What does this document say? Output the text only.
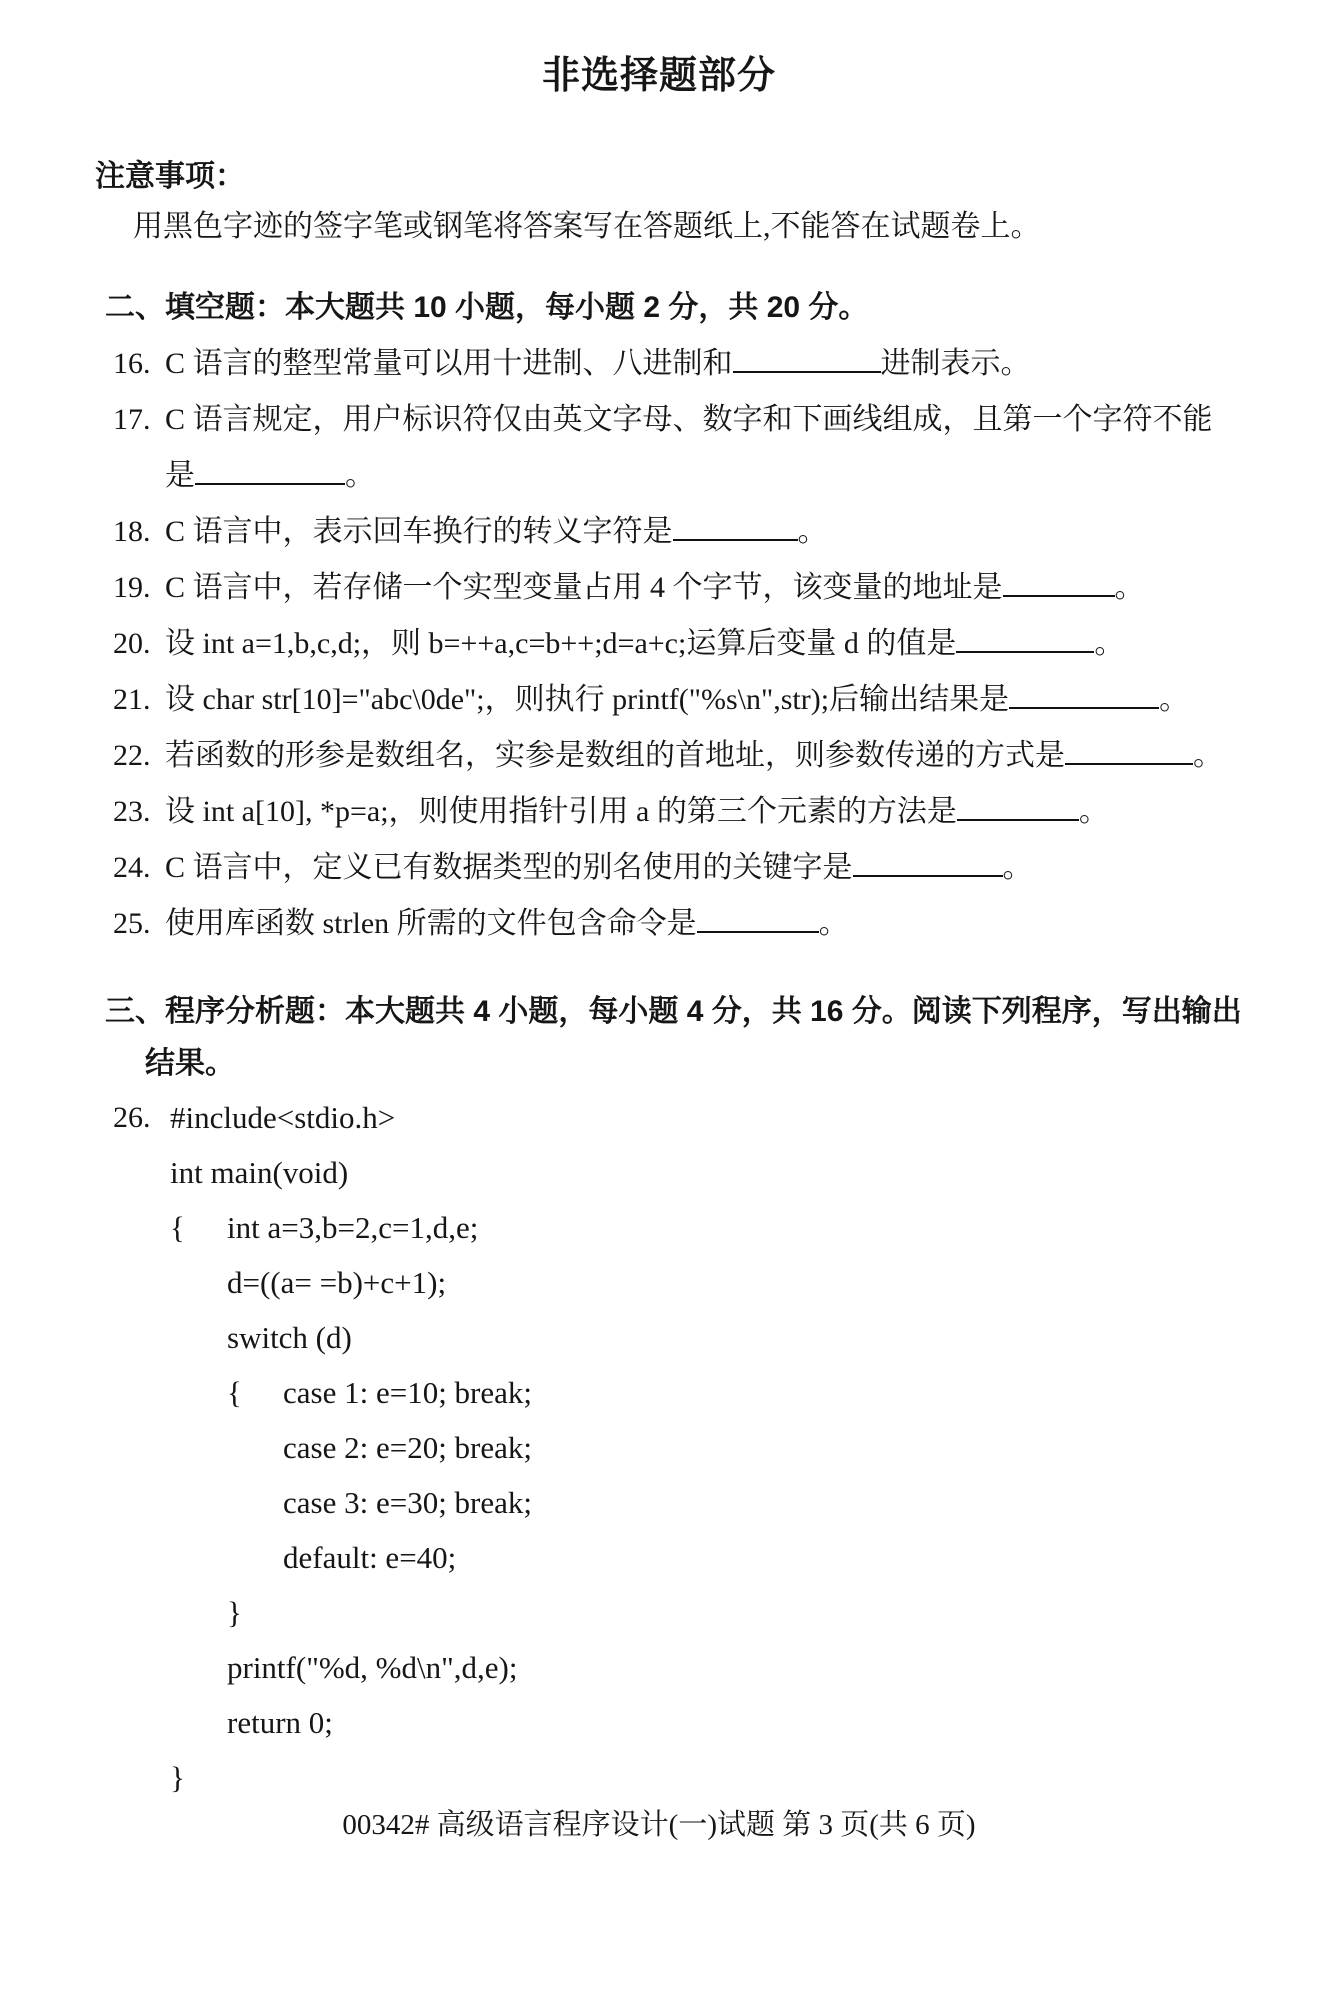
非选择题部分
注意事项：
用黑色字迹的签字笔或钢笔将答案写在答题纸上,不能答在试题卷上。
二、填空题：本大题共 10 小题，每小题 2 分，共 20 分。
16. C 语言的整型常量可以用十进制、八进制和	进制表示。
17. C 语言规定，用户标识符仅由英文字母、数字和下画线组成，且第一个字符不能
是	。
18. C 语言中，表示回车换行的转义字符是	。
19. C 语言中，若存储一个实型变量占用 4 个字节，该变量的地址是	。
20. 设 int a=1,b,c,d;，则 b=++a,c=b++;d=a+c;运算后变量 d 的值是	。
21. 设 char str[10]="abc\0de";，则执行 printf("%s\n",str);后输出结果是	。
22. 若函数的形参是数组名，实参是数组的首地址，则参数传递的方式是	。
23. 设 int a[10], *p=a;，则使用指针引用 a 的第三个元素的方法是	。
24. C 语言中，定义已有数据类型的别名使用的关键字是	。
25. 使用库函数 strlen 所需的文件包含命令是	。
三、程序分析题：本大题共 4 小题，每小题 4 分，共 16 分。阅读下列程序，写出输出
结果。
26. #include<stdio.h>
int main(void)
{ int a=3,b=2,c=1,d,e;
d=((a= =b)+c+1);
switch (d)
{ case 1: e=10; break;
case 2: e=20; break;
case 3: e=30; break;
default: e=40;
}
printf("%d, %d\n",d,e);
return 0;
}
00342# 高级语言程序设计(一)试题 第 3 页(共 6 页)
